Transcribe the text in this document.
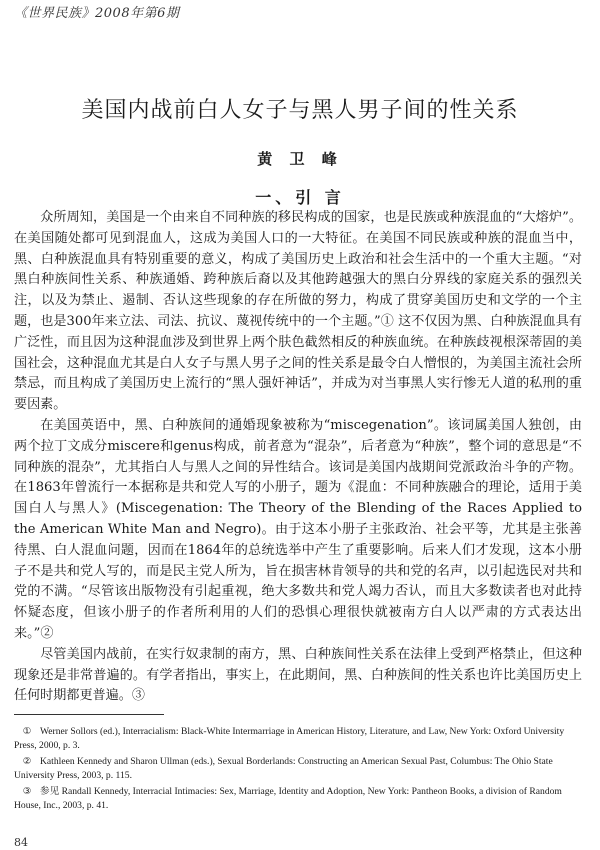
《世界民族》2008年第6期
美国内战前白人女子与黑人男子间的性关系
黄 卫 峰
一、引 言

众所周知，美国是一个由来自不同种族的移民构成的国家，也是民族或种族混血的“大熔炉”。在美国随处都可见到混血人，这成为美国人口的一大特征。在美国不同民族或种族的混血当中，黑、白种族混血具有特别重要的意义，构成了美国历史上政治和社会生活中的一个重大主题。“对黑白种族间性关系、种族通婚、跨种族后裔以及其他跨越强大的黑白分界线的家庭关系的强烈关注，以及为禁止、遏制、否认这些现象的存在所做的努力，构成了贯穿美国历史和文学的一个主题，也是300年来立法、司法、抗议、蔑视传统中的一个主题。”① 这不仅因为黑、白种族混血具有广泛性，而且因为这种混血涉及到世界上两个肤色截然相反的种族血统。在种族歧视根深蒂固的美国社会，这种混血尤其是白人女子与黑人男子之间的性关系是最令白人憎恨的，为美国主流社会所禁忌，而且构成了美国历史上流行的“黑人强奸神话”，并成为对当事黑人实行惨无人道的私刑的重要因素。

在美国英语中，黑、白种族间的通婚现象被称为“miscegenation”。该词属美国人独创，由两个拉丁文成分miscere和genus构成，前者意为“混杂”，后者意为“种族”，整个词的意思是“不同种族的混杂”，尤其指白人与黑人之间的异性结合。该词是美国内战期间党派政治斗争的产物。在1863年曾流行一本据称是共和党人写的小册子，题为《混血：不同种族融合的理论，适用于美国白人与黑人》(Miscegenation: The Theory of the Blending of the Races Applied to the American White Man and Negro)。由于这本小册子主张政治、社会平等，尤其是主张善待黑、白人混血问题，因而在1864年的总统选举中产生了重要影响。后来人们才发现，这本小册子不是共和党人写的，而是民主党人所为，旨在损害林肯领导的共和党的名声，以引起选民对共和党的不满。“尽管该出版物没有引起重视，绝大多数共和党人竭力否认，而且大多数读者也对此持怀疑态度，但该小册子的作者所利用的人们的恐惧心理很快就被南方白人以严肃的方式表达出来。”②

尽管美国内战前，在实行奴隶制的南方，黑、白种族间性关系在法律上受到严格禁止，但这种现象还是非常普遍的。有学者指出，事实上，在此期间，黑、白种族间的性关系也许比美国历史上任何时期都更普遍。③

① Werner Sollors (ed.), Interracialism: Black-White Intermarriage in American History, Literature, and Law, New York: Oxford University Press, 2000, p. 3.
② Kathleen Kennedy and Sharon Ullman (eds.), Sexual Borderlands: Constructing an American Sexual Past, Columbus: The Ohio State University Press, 2003, p. 115.
③ 参见 Randall Kennedy, Interracial Intimacies: Sex, Marriage, Identity and Adoption, New York: Pantheon Books, a division of Random House, Inc., 2003, p. 41.
84
